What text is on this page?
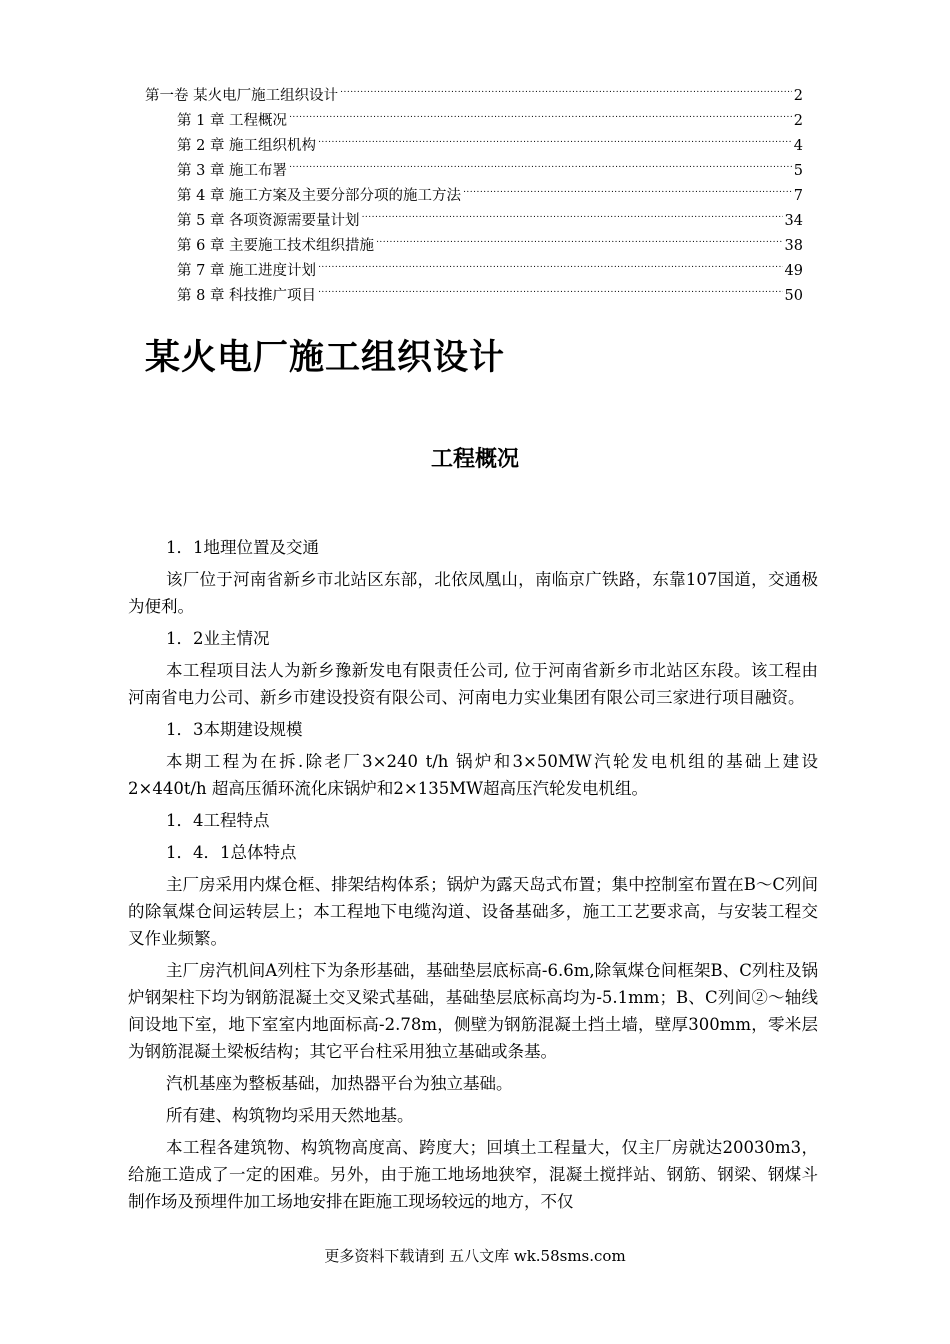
第一卷 某火电厂施工组织设计 .....	2
第 1 章 工程概况 .....	2
第 2 章 施工组织机构 .....	4
第 3 章 施工布署 .....	5
第 4 章 施工方案及主要分部分项的施工方法 .....	7
第 5 章 各项资源需要量计划 .....	34
第 6 章 主要施工技术组织措施 .....	38
第 7 章 施工进度计划 .....	49
第 8 章 科技推广项目 .....	50
某火电厂施工组织设计
工程概况

1．1地理位置及交通

该厂位于河南省新乡市北站区东部，北依凤凰山，南临京广铁路，东靠107国道，交通极为便利。

1．2业主情况

本工程项目法人为新乡豫新发电有限责任公司, 位于河南省新乡市北站区东段。该工程由河南省电力公司、新乡市建设投资有限公司、河南电力实业集团有限公司三家进行项目融资。

1．3本期建设规模

本期工程为在拆.除老厂3×240 t/h 锅炉和3×50MW汽轮发电机组的基础上建设2×440t/h 超高压循环流化床锅炉和2×135MW超高压汽轮发电机组。

1．4工程特点

1．4．1总体特点

主厂房采用内煤仓框、排架结构体系；锅炉为露天岛式布置；集中控制室布置在B～C列间的除氧煤仓间运转层上；本工程地下电缆沟道、设备基础多，施工工艺要求高，与安装工程交叉作业频繁。

主厂房汽机间A列柱下为条形基础，基础垫层底标高-6.6m,除氧煤仓间框架B、C列柱及锅炉钢架柱下均为钢筋混凝土交叉梁式基础，基础垫层底标高均为-5.1mm；B、C列间②～轴线间设地下室，地下室室内地面标高-2.78m，侧壁为钢筋混凝土挡土墙，壁厚300mm，零米层为钢筋混凝土梁板结构；其它平台柱采用独立基础或条基。

汽机基座为整板基础，加热器平台为独立基础。

所有建、构筑物均采用天然地基。

本工程各建筑物、构筑物高度高、跨度大；回填土工程量大，仅主厂房就达20030m3，给施工造成了一定的困难。另外，由于施工地场地狭窄，混凝土搅拌站、钢筋、钢梁、钢煤斗制作场及预埋件加工场地安排在距施工现场较远的地方，不仅

更多资料下载请到 五八文库 wk.58sms.com
